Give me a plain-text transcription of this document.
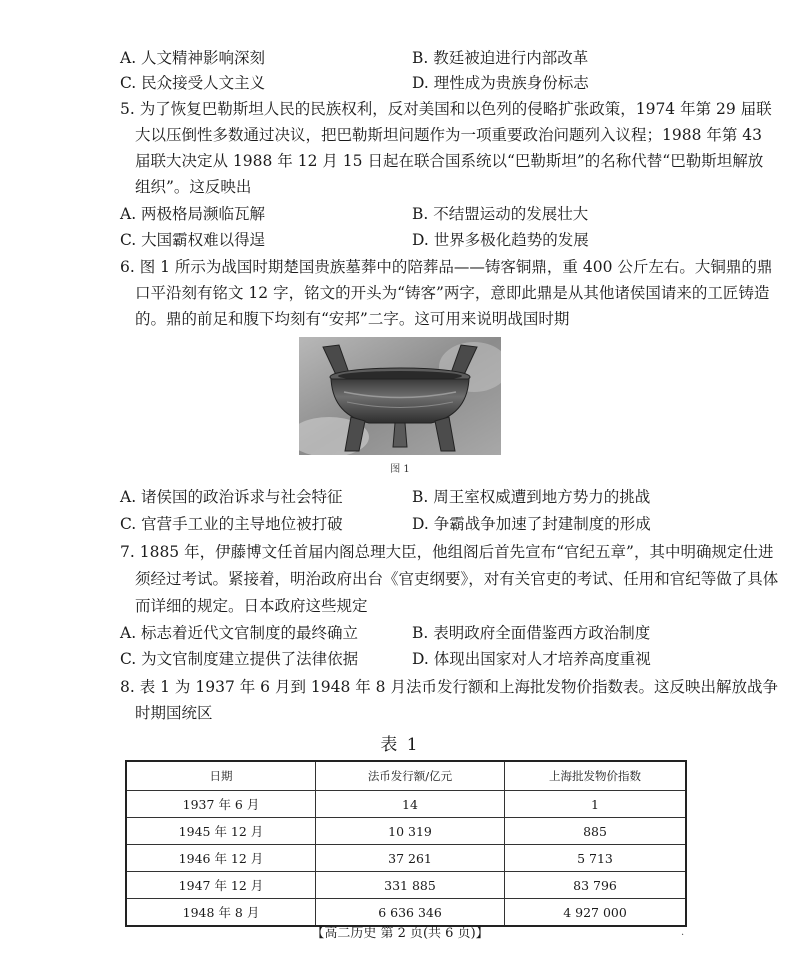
A. 人文精神影响深刻	B. 教廷被迫进行内部改革
C. 民众接受人文主义	D. 理性成为贵族身份标志
5. 为了恢复巴勒斯坦人民的民族权利，反对美国和以色列的侵略扩张政策，1974 年第 29 届联
大以压倒性多数通过决议，把巴勒斯坦问题作为一项重要政治问题列入议程；1988 年第 43
届联大决定从 1988 年 12 月 15 日起在联合国系统以“巴勒斯坦”的名称代替“巴勒斯坦解放
组织”。这反映出
A. 两极格局濒临瓦解	B. 不结盟运动的发展壮大
C. 大国霸权难以得逞	D. 世界多极化趋势的发展
6. 图 1 所示为战国时期楚国贵族墓葬中的陪葬品——铸客铜鼎，重 400 公斤左右。大铜鼎的鼎
口平沿刻有铭文 12 字，铭文的开头为“铸客”两字，意即此鼎是从其他诸侯国请来的工匠铸造
的。鼎的前足和腹下均刻有“安邦”二字。这可用来说明战国时期
图 1
A. 诸侯国的政治诉求与社会特征	B. 周王室权威遭到地方势力的挑战
C. 官营手工业的主导地位被打破	D. 争霸战争加速了封建制度的形成
7. 1885 年，伊藤博文任首届内阁总理大臣，他组阁后首先宣布“官纪五章”，其中明确规定仕进
须经过考试。紧接着，明治政府出台《官吏纲要》，对有关官吏的考试、任用和官纪等做了具体
而详细的规定。日本政府这些规定
A. 标志着近代文官制度的最终确立	B. 表明政府全面借鉴西方政治制度
C. 为文官制度建立提供了法律依据	D. 体现出国家对人才培养高度重视
8. 表 1 为 1937 年 6 月到 1948 年 8 月法币发行额和上海批发物价指数表。这反映出解放战争
时期国统区
表 1
日期	法币发行额/亿元	上海批发物价指数
1937 年 6 月	14	1
1945 年 12 月	10 319	885
1946 年 12 月	37 261	5 713
1947 年 12 月	331 885	83 796
1948 年 8 月	6 636 346	4 927 000
【高二历史 第 2 页(共 6 页)】	·
